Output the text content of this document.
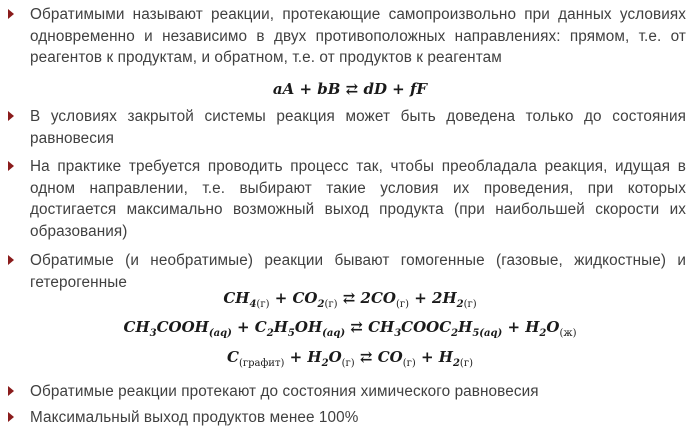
Обратимыми называют реакции, протекающие самопроизвольно при данных условиях одновременно и независимо в двух противоположных направлениях: прямом, т.е. от реагентов к продуктам, и обратном, т.е. от продуктов к реагентам
aA + bB ⇄ dD + fF
В условиях закрытой системы реакция может быть доведена только до состояния равновесия
На практике требуется проводить процесс так, чтобы преобладала реакция, идущая в одном направлении, т.е. выбирают такие условия их проведения, при которых достигается максимально возможный выход продукта (при наибольшей скорости их образования)
Обратимые (и необратимые) реакции бывают гомогенные (газовые, жидкостные) и гетерогенные
$CH_{4(г)} + CO_{2(г)}$ ⇄ $2CO_{(г)} + 2H_{2(г)}$
$CH_3COOH_{(aq)} + C_2H_5OH_{(aq)}$ ⇄ $CH_3COOC_2H_{5(aq)} + H_2O_{(ж)}$
$C_{(графит)} + H_2O_{(г)}$ ⇄ $CO_{(г)} + H_{2(г)}$
Обратимые реакции протекают до состояния химического равновесия
Максимальный выход продуктов менее 100%
